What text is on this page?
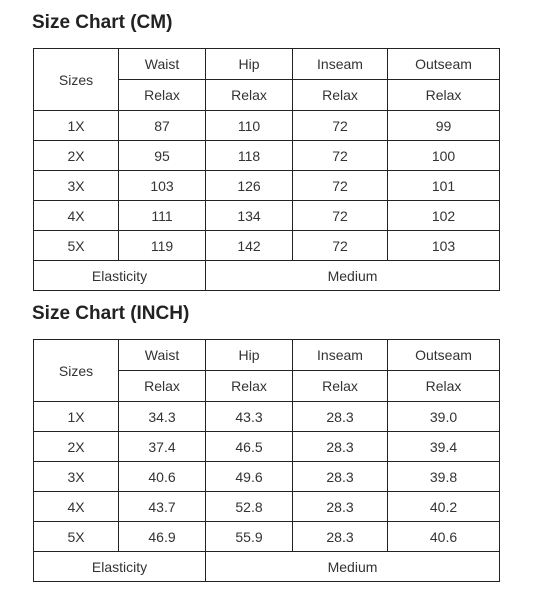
Size Chart (CM)
Sizes	Waist	Hip	Inseam	Outseam
	Relax	Relax	Relax	Relax
1X	87	110	72	99
2X	95	118	72	100
3X	103	126	72	101
4X	111	134	72	102
5X	119	142	72	103
Elasticity		Medium		
Size Chart (INCH)
Sizes	Waist	Hip	Inseam	Outseam
	Relax	Relax	Relax	Relax
1X	34.3	43.3	28.3	39.0
2X	37.4	46.5	28.3	39.4
3X	40.6	49.6	28.3	39.8
4X	43.7	52.8	28.3	40.2
5X	46.9	55.9	28.3	40.6
Elasticity		Medium		
